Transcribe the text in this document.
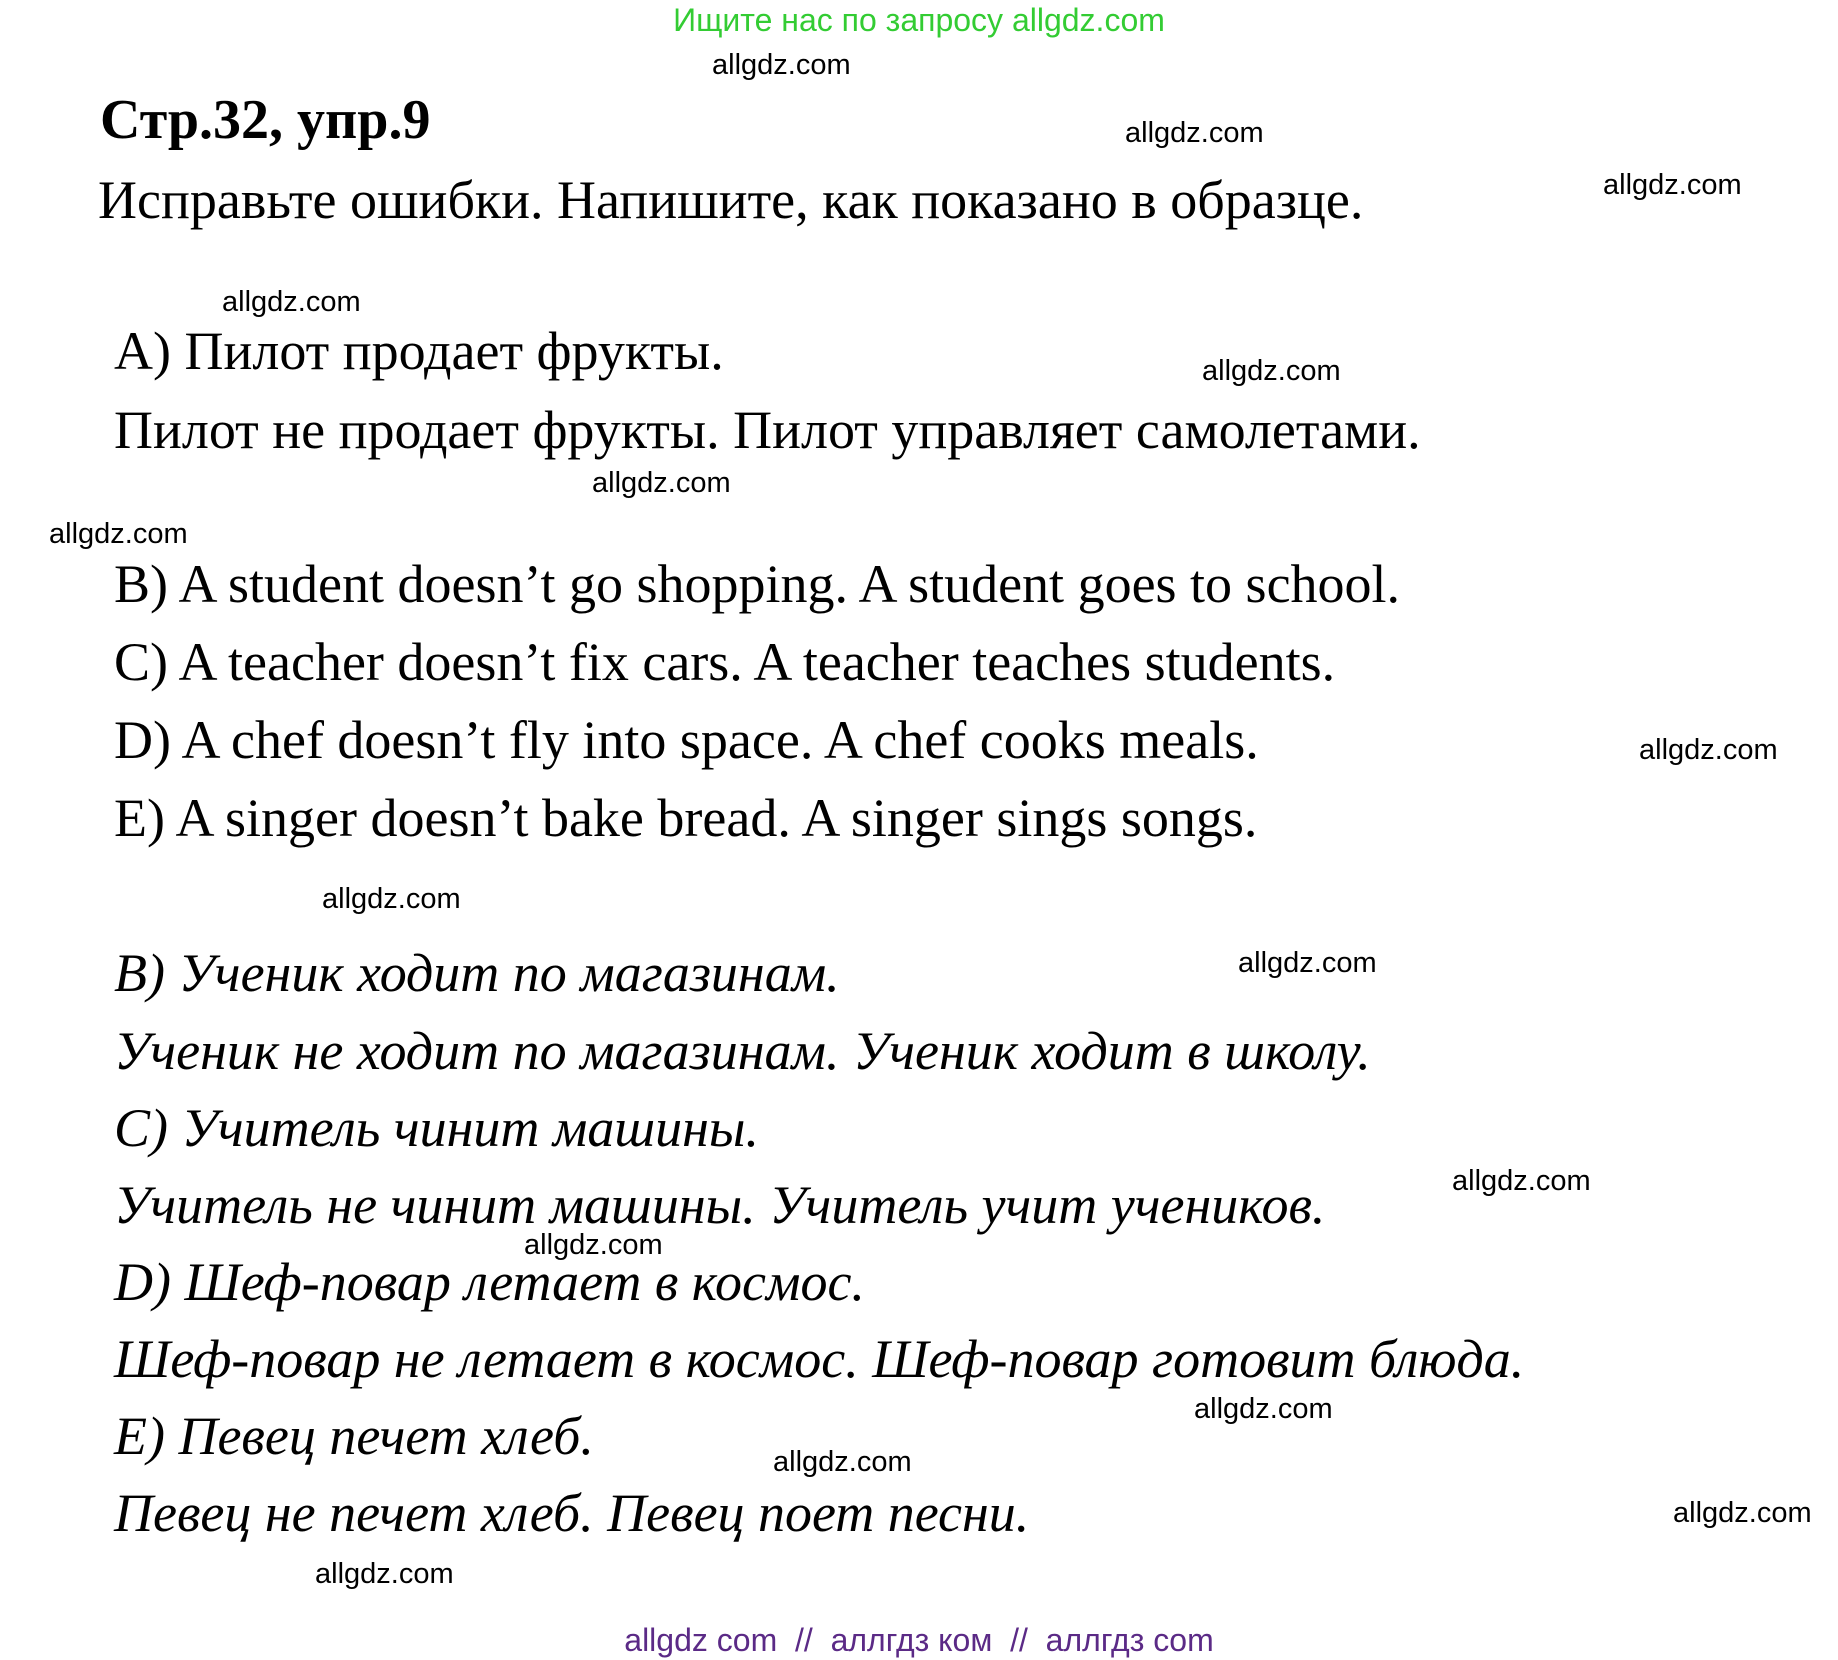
Ищите нас по запросу allgdz.com
allgdz.com
Стр.32, упр.9	allgdz.com
allgdz.com
Исправьте ошибки. Напишите, как показано в образце.
allgdz.com
А) Пилот продает фрукты.	allgdz.com
Пилот не продает фрукты. Пилот управляет самолетами.
allgdz.com
allgdz.com
B) A student doesn’t go shopping. A student goes to school.
C) A teacher doesn’t fix cars. A teacher teaches students.
D) A chef doesn’t fly into space. A chef cooks meals.	allgdz.com
E) A singer doesn’t bake bread. A singer sings songs.
allgdz.com
B) Ученик ходит по магазинам.	allgdz.com
Ученик не ходит по магазинам. Ученик ходит в школу.
C) Учитель чинит машины.
allgdz.com
Учитель не чинит машины. Учитель учит учеников.
allgdz.com
D) Шеф-повар летает в космос.
Шеф-повар не летает в космос. Шеф-повар готовит блюда.
allgdz.com
E) Певец печет хлеб.	allgdz.com
Певец не печет хлеб. Певец поет песни.	allgdz.com
allgdz.com
allgdz com  //  аллгдз ком  //  аллгдз com
